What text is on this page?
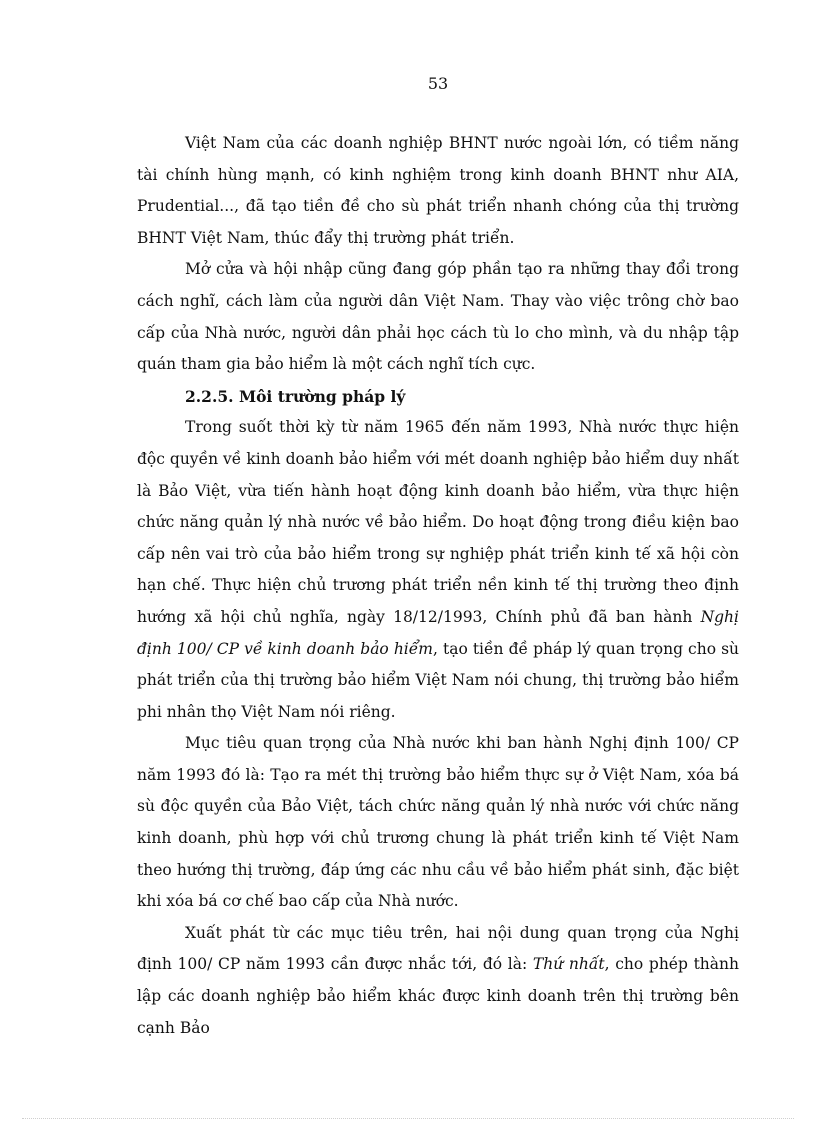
53

Việt Nam của các doanh nghiệp BHNT nước ngoài lớn, có tiềm năng tài chính hùng mạnh, có kinh nghiệm trong kinh doanh BHNT như AIA, Prudential..., đã tạo tiền đề cho sù phát triển nhanh chóng của thị trường BHNT Việt Nam, thúc đẩy thị trường phát triển.

Mở cửa và hội nhập cũng đang góp phần tạo ra những thay đổi trong cách nghĩ, cách làm của người dân Việt Nam. Thay vào việc trông chờ bao cấp của Nhà nước, người dân phải học cách tù lo cho mình, và du nhập tập quán tham gia bảo hiểm là một cách nghĩ tích cực.

2.2.5. Môi trường pháp lý

Trong suốt thời kỳ từ năm 1965 đến năm 1993, Nhà nước thực hiện độc quyền về kinh doanh bảo hiểm với mét doanh nghiệp bảo hiểm duy nhất là Bảo Việt, vừa tiến hành hoạt động kinh doanh bảo hiểm, vừa thực hiện chức năng quản lý nhà nước về bảo hiểm. Do hoạt động trong điều kiện bao cấp nên vai trò của bảo hiểm trong sự nghiệp phát triển kinh tế xã hội còn hạn chế. Thực hiện chủ trương phát triển nền kinh tế thị trường theo định hướng xã hội chủ nghĩa, ngày 18/12/1993, Chính phủ đã ban hành Nghị định 100/ CP về kinh doanh bảo hiểm, tạo tiền đề pháp lý quan trọng cho sù phát triển của thị trường bảo hiểm Việt Nam nói chung, thị trường bảo hiểm phi nhân thọ Việt Nam nói riêng.

Mục tiêu quan trọng của Nhà nước khi ban hành Nghị định 100/ CP năm 1993 đó là: Tạo ra mét thị trường bảo hiểm thực sự ở Việt Nam, xóa bá sù độc quyền của Bảo Việt, tách chức năng quản lý nhà nước với chức năng kinh doanh, phù hợp với chủ trương chung là phát triển kinh tế Việt Nam theo hướng thị trường, đáp ứng các nhu cầu về bảo hiểm phát sinh, đặc biệt khi xóa bá cơ chế bao cấp của Nhà nước.

Xuất phát từ các mục tiêu trên, hai nội dung quan trọng của Nghị định 100/ CP năm 1993 cần được nhắc tới, đó là: Thứ nhất, cho phép thành lập các doanh nghiệp bảo hiểm khác được kinh doanh trên thị trường bên cạnh Bảo
